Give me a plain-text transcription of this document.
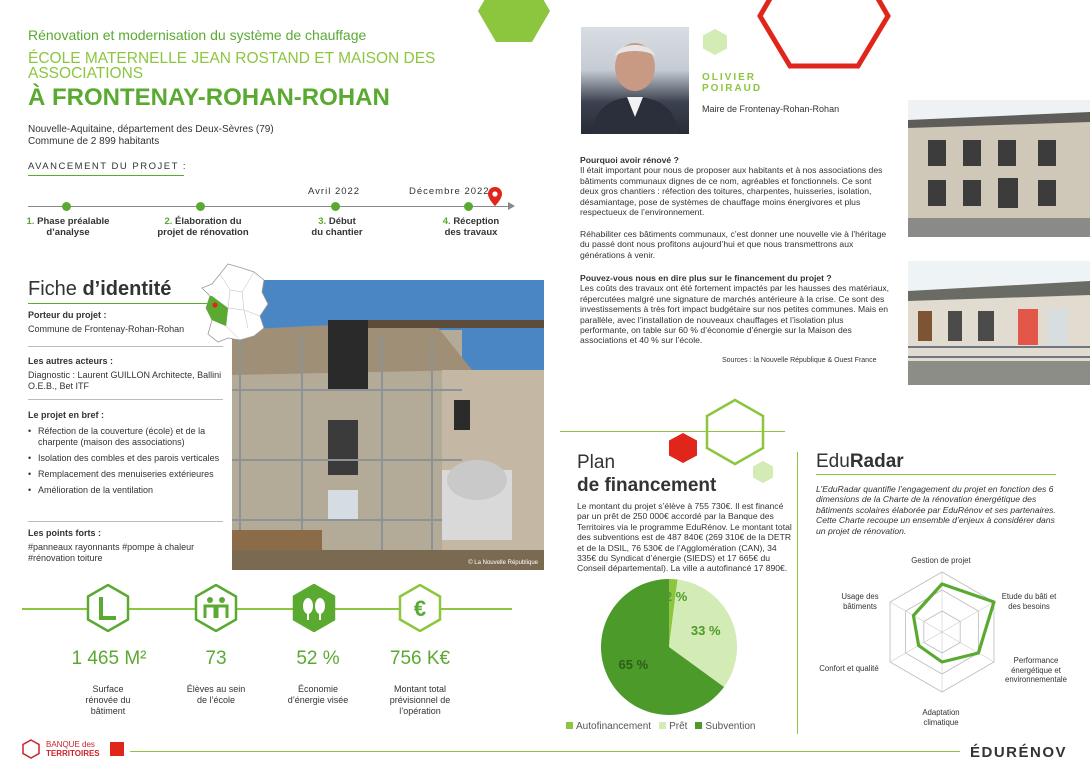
Rénovation et modernisation du système de chauffage
ÉCOLE MATERNELLE JEAN ROSTAND ET MAISON DES ASSOCIATIONS
À FRONTENAY-ROHAN-ROHAN
Nouvelle-Aquitaine, département des Deux-Sèvres (79)
Commune de 2 899 habitants
AVANCEMENT DU PROJET :
Avril 2022	Décembre 2022
1. Phase préalable
d’analyse
2. Élaboration du
projet de rénovation
3. Début
du chantier
4. Réception
des travaux
Fiche d’identité
Porteur du projet :
Commune de Frontenay-Rohan-Rohan
Les autres acteurs :
Diagnostic : Laurent GUILLON Architecte, Ballini O.E.B., Bet ITF
Le projet en bref :
• Réfection de la couverture (école) et de la charpente (maison des associations)
• Isolation des combles et des parois verticales
• Remplacement des menuiseries extérieures
• Amélioration de la ventilation
Les points forts :
#panneaux rayonnants #pompe à chaleur #rénovation toiture	© La Nouvelle République
€
1 465 M²	73	52 %	756 K€
Surface rénovée du bâtiment
Élèves au sein de l’école
Économie d’énergie visée
Montant total prévisionnel de l’opération
BANQUE des
TERRITOIRES	ÉDURÉNOV
© Département des Deux-Sèvres
OLIVIER
POIRAUD
Maire de Frontenay-Rohan-Rohan
Pourquoi avoir rénové ?
Il était important pour nous de proposer aux habitants et à nos associations des bâtiments communaux dignes de ce nom, agréables et fonctionnels. Ce sont deux gros chantiers : réfection des toitures, charpentes, huisseries, isolation, désamiantage, pose de systèmes de chauffage moins énergivores et plus respectueux de l’environnement.
Réhabiliter ces bâtiments communaux, c’est donner une nouvelle vie à l’héritage du passé dont nous profitons aujourd’hui et que nous transmettrons aux générations à venir.
Pouvez-vous nous en dire plus sur le financement du projet ?
Les coûts des travaux ont été fortement impactés par les hausses des matériaux, répercutées malgré une signature de marchés antérieure à la crise. Ce sont des investissements à très fort impact budgétaire sur nos petites communes. Mais en parallèle, avec l’installation de nouveaux chauffages et l’isolation plus performante, on table sur 60 % d’économie d’énergie sur la Maison des associations et 40 % sur l’école.
Sources : la Nouvelle République & Ouest France
Plan
de financement
Le montant du projet s’élève à 755 730€. Il est financé par un prêt de 250 000€ accordé par la Banque des Territoires via le programme EduRénov. Le montant total des subventions est de 487 840€ (269 310€ de la DETR et de la DSIL, 76 530€ de l’Agglomération (CAN), 34 335€ du Syndicat d’énergie (SIEDS) et 17 665€ du Conseil départemental). La ville a autofinancé 17 890€.
2 %
33 %
65 %
Autofinancement	Prêt	Subvention
EduRadar
L’EduRadar quantifie l’engagement du projet en fonction des 6 dimensions de la Charte de la rénovation énergétique des bâtiments scolaires élaborée par EduRénov et ses partenaires. Cette Charte recoupe un ensemble d’enjeux à considérer dans un projet de rénovation.
Gestion de projet
Etude du bâti et des besoins
Performance énergétique et environnementale
Adaptation climatique
Confort et qualité
Usage des bâtiments
